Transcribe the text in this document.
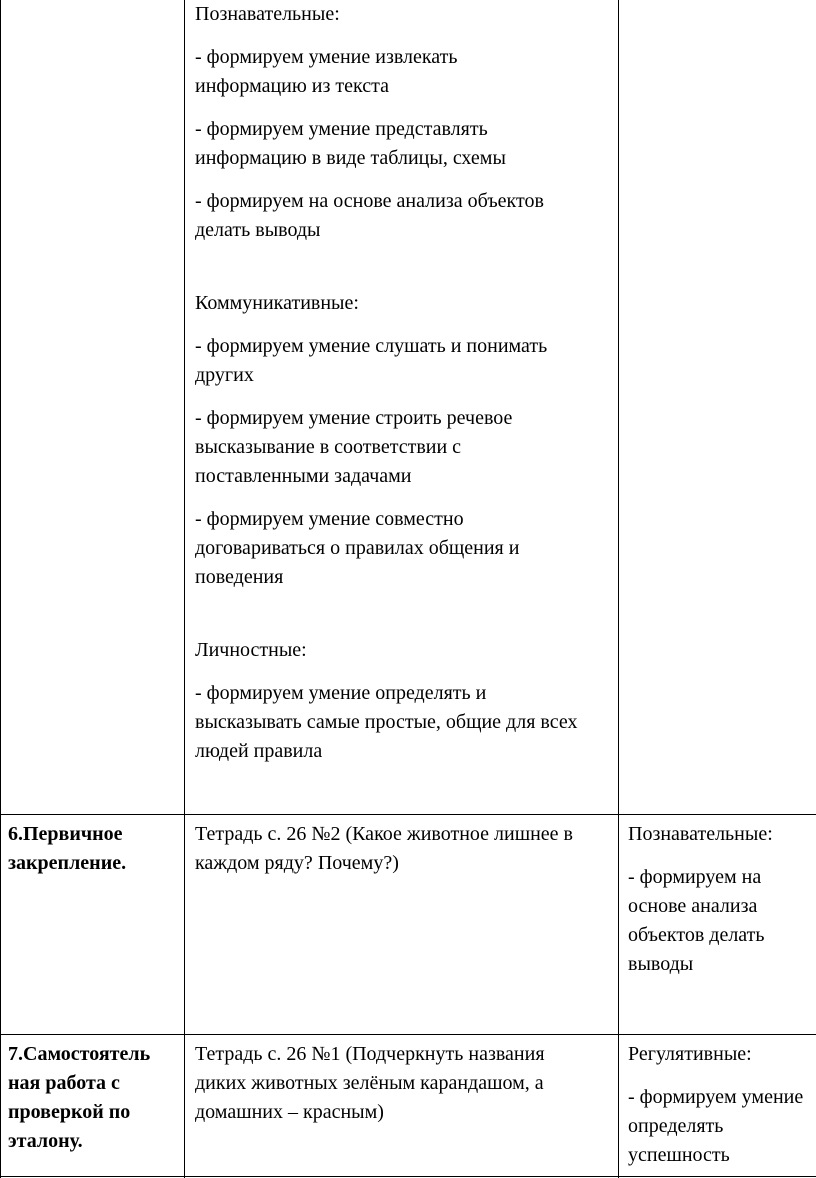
Познавательные:

- формируем умение извлекать информацию из текста

- формируем умение представлять информацию в виде таблицы, схемы

- формируем на основе анализа объектов делать выводы

Коммуникативные:

- формируем умение слушать и понимать других

- формируем умение строить речевое высказывание в соответствии с поставленными задачами

- формируем умение совместно договариваться о правилах общения и поведения

Личностные:

- формируем умение определять и высказывать самые простые, общие для всех людей правила

6.Первичное закрепление.

Тетрадь с. 26 №2 (Какое животное лишнее в каждом ряду? Почему?)

Познавательные:

- формируем на основе анализа объектов делать выводы

7.Самостоятель ная работа с проверкой по эталону.

Тетрадь с. 26 №1 (Подчеркнуть названия диких животных зелёным карандашом, а домашних – красным)

Регулятивные:

- формируем умение определять успешность
